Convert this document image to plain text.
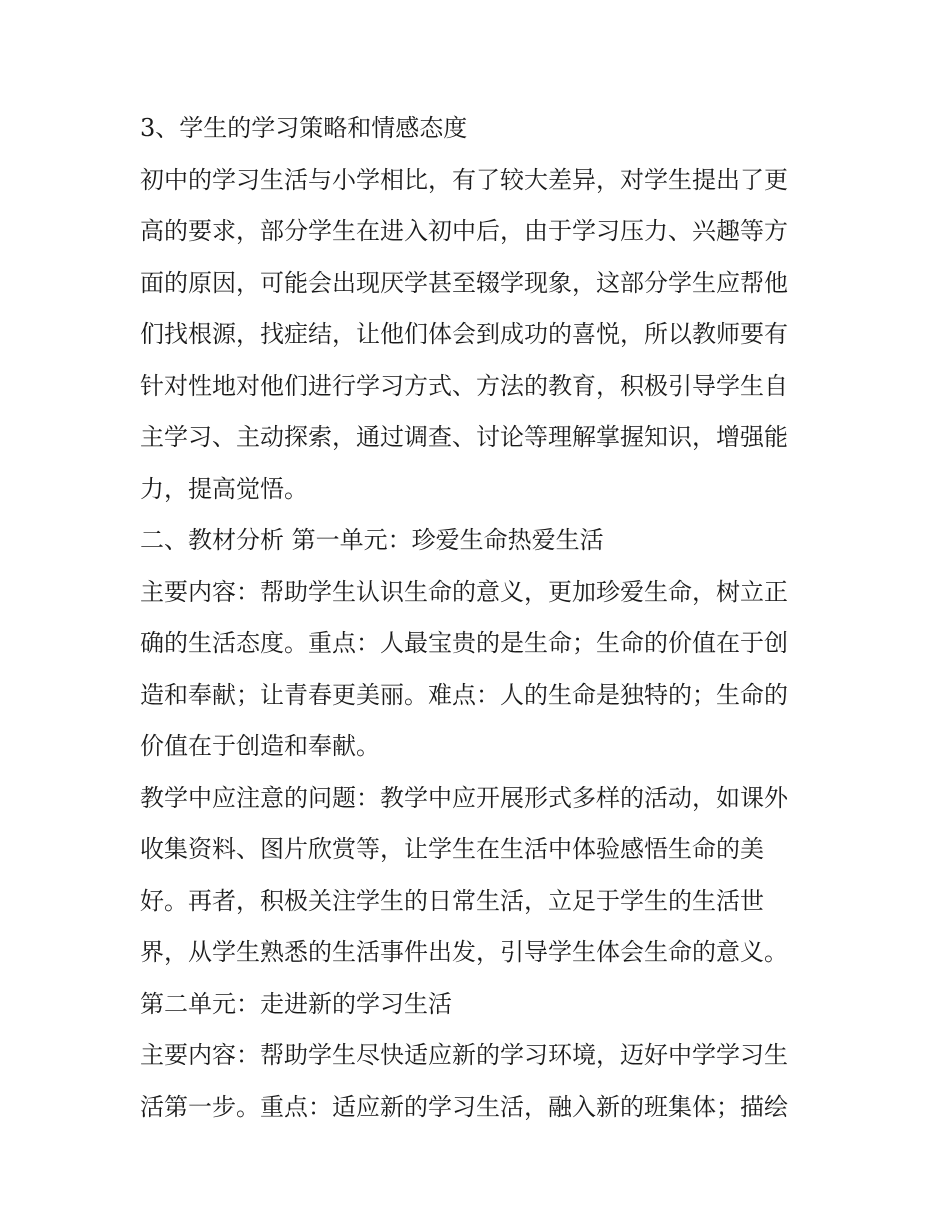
3、学生的学习策略和情感态度

初中的学习生活与小学相比，有了较大差异，对学生提出了更

高的要求，部分学生在进入初中后，由于学习压力、兴趣等方

面的原因，可能会出现厌学甚至辍学现象，这部分学生应帮他

们找根源，找症结，让他们体会到成功的喜悦，所以教师要有

针对性地对他们进行学习方式、方法的教育，积极引导学生自

主学习、主动探索，通过调查、讨论等理解掌握知识，增强能

力，提高觉悟。

二、教材分析 第一单元：珍爱生命热爱生活

主要内容：帮助学生认识生命的意义，更加珍爱生命，树立正

确的生活态度。重点：人最宝贵的是生命；生命的价值在于创

造和奉献；让青春更美丽。难点：人的生命是独特的；生命的

价值在于创造和奉献。

教学中应注意的问题：教学中应开展形式多样的活动，如课外

收集资料、图片欣赏等，让学生在生活中体验感悟生命的美

好。再者，积极关注学生的日常生活，立足于学生的生活世

界，从学生熟悉的生活事件出发，引导学生体会生命的意义。

第二单元：走进新的学习生活

主要内容：帮助学生尽快适应新的学习环境，迈好中学学习生

活第一步。重点：适应新的学习生活，融入新的班集体；描绘
